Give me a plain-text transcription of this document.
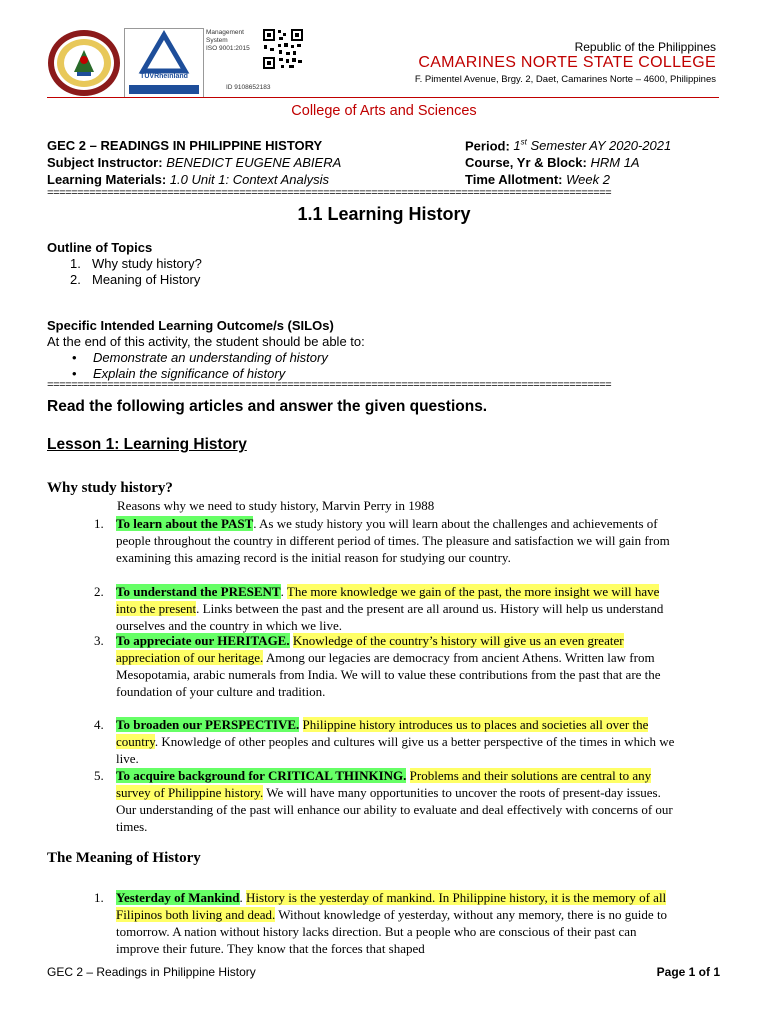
TÜVRheinland
Management
System
ISO 9001:2015
ID 9108652183
Republic of the Philippines
CAMARINES NORTE STATE COLLEGE
F. Pimentel Avenue, Brgy. 2, Daet, Camarines Norte – 4600, Philippines
College of Arts and Sciences
GEC 2 – READINGS IN PHILIPPINE HISTORY
Subject Instructor: BENEDICT EUGENE ABIERA
Learning Materials: 1.0 Unit 1: Context Analysis
Period: 1st Semester AY 2020-2021
Course, Yr & Block: HRM 1A
Time Allotment: Week 2
==============================================================================================
1.1 Learning History
Outline of Topics
1. Why study history?
2. Meaning of History
Specific Intended Learning Outcome/s (SILOs)
At the end of this activity, the student should be able to:
• Demonstrate an understanding of history
• Explain the significance of history
==============================================================================================
Read the following articles and answer the given questions.
Lesson 1: Learning History
Why study history?
Reasons why we need to study history, Marvin Perry in 1988
1. To learn about the PAST. As we study history you will learn about the challenges and achievements of people throughout the country in different period of times. The pleasure and satisfaction we will gain from examining this amazing record is the initial reason for studying our country.
2. To understand the PRESENT. The more knowledge we gain of the past, the more insight we will have into the present. Links between the past and the present are all around us. History will help us understand ourselves and the country in which we live.
3. To appreciate our HERITAGE. Knowledge of the country’s history will give us an even greater appreciation of our heritage. Among our legacies are democracy from ancient Athens. Written law from Mesopotamia, arabic numerals from India. We will to value these contributions from the past that are the foundation of your culture and tradition.
4. To broaden our PERSPECTIVE. Philippine history introduces us to places and societies all over the country. Knowledge of other peoples and cultures will give us a better perspective of the times in which we live.
5. To acquire background for CRITICAL THINKING. Problems and their solutions are central to any survey of Philippine history. We will have many opportunities to uncover the roots of present-day issues. Our understanding of the past will enhance our ability to evaluate and deal effectively with concerns of our times.
The Meaning of History
1. Yesterday of Mankind. History is the yesterday of mankind. In Philippine history, it is the memory of all Filipinos both living and dead. Without knowledge of yesterday, without any memory, there is no guide to tomorrow. A nation without history lacks direction. But a people who are conscious of their past can improve their future. They know that the forces that shaped
GEC 2 – Readings in Philippine History	Page 1 of 1
